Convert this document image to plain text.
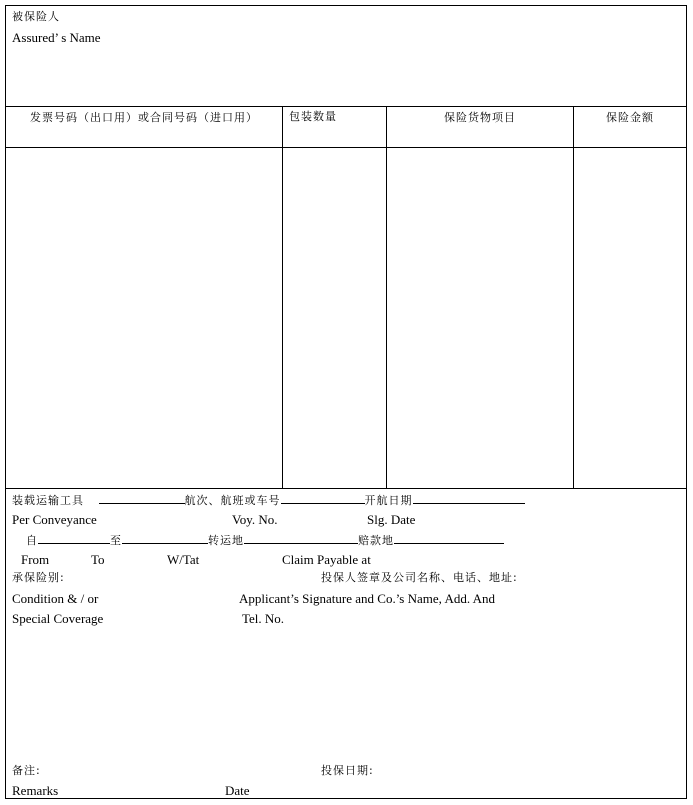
被保险人
Assured’ s Name
发票号码（出口用）或合同号码（进口用）	包装数量	保险货物项目	保险金额
装载运输工具	航次、航班或车号	开航日期
Per Conveyance	Voy. No.	Slg. Date
自	至	转运地	赔款地
From	To	W/Tat	Claim Payable at
承保险别:	投保人签章及公司名称、电话、地址:
Condition & / or	Applicant’s Signature and Co.’s Name, Add. And
Special Coverage	Tel. No.
备注:	投保日期:
Remarks	Date
